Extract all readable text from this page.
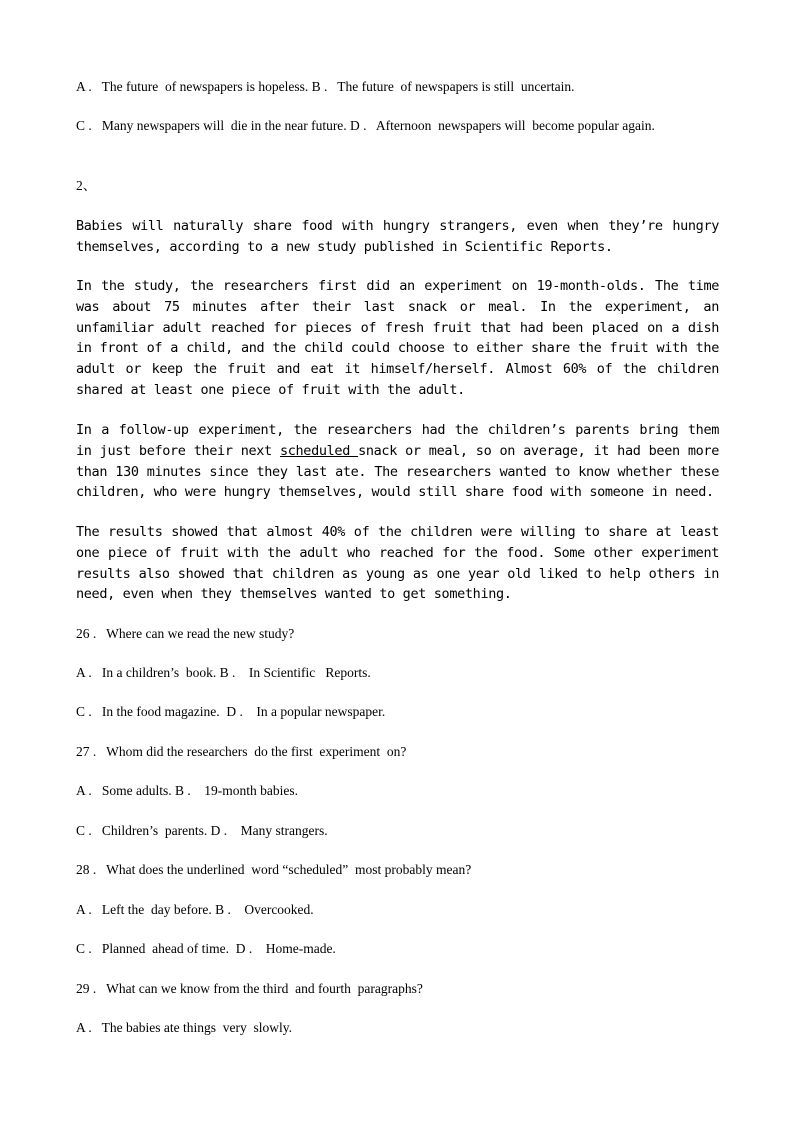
A .   The future  of newspapers is hopeless. B .   The future  of newspapers is still  uncertain.

C .   Many newspapers will  die in the near future. D .   Afternoon  newspapers will  become popular again.

2、

Babies will naturally share food with hungry strangers, even when they’re hungry themselves, according to a new study published in Scientific Reports.

In the study, the researchers first did an experiment on 19-month-olds. The time was about 75 minutes after their last snack or meal. In the experiment, an unfamiliar adult reached for pieces of fresh fruit that had been placed on a dish in front of a child, and the child could choose to either share the fruit with the adult or keep the fruit and eat it himself/herself. Almost 60% of the children shared at least one piece of fruit with the adult.

In a follow-up experiment, the researchers had the children’s parents bring them in just before their next scheduled snack or meal, so on average, it had been more than 130 minutes since they last ate. The researchers wanted to know whether these children, who were hungry themselves, would still share food with someone in need.

The results showed that almost 40% of the children were willing to share at least one piece of fruit with the adult who reached for the food. Some other experiment results also showed that children as young as one year old liked to help others in need, even when they themselves wanted to get something.

26 .   Where can we read the new study?

A .   In a children’s  book. B .    In Scientific   Reports.

C .   In the food magazine.  D .    In a popular newspaper.

27 .   Whom did the researchers  do the first  experiment  on?

A .   Some adults. B .    19-month babies.

C .   Children’s  parents. D .    Many strangers.

28 .   What does the underlined  word “scheduled”  most probably mean?

A .   Left the  day before. B .    Overcooked.

C .   Planned  ahead of time.  D .    Home-made.

29 .   What can we know from the third  and fourth  paragraphs?

A .   The babies ate things  very  slowly.
